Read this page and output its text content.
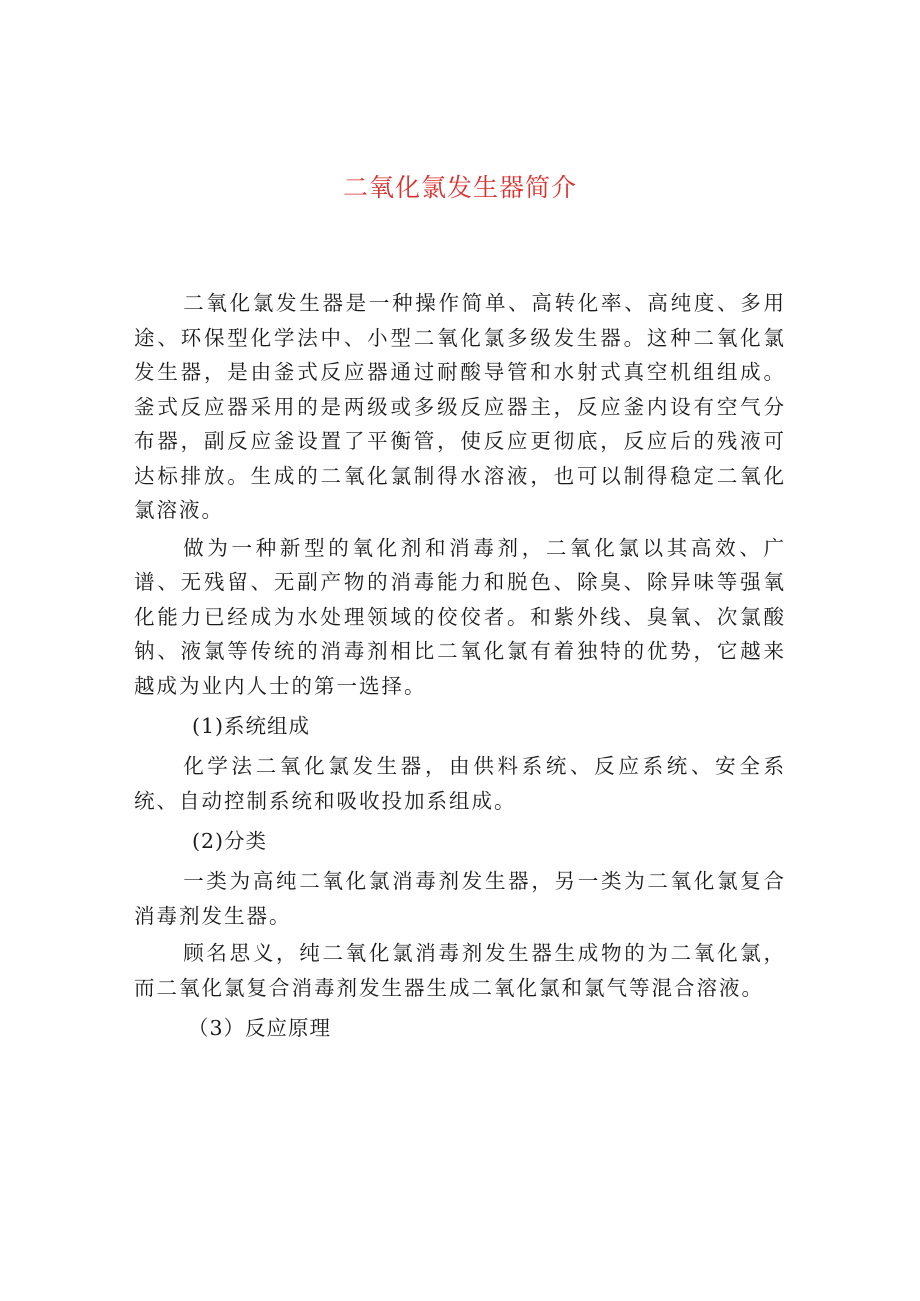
二氧化氯发生器简介

二氧化氯发生器是一种操作简单、高转化率、高纯度、多用途、环保型化学法中、小型二氧化氯多级发生器。这种二氧化氯发生器，是由釜式反应器通过耐酸导管和水射式真空机组组成。釜式反应器采用的是两级或多级反应器主，反应釜内设有空气分布器，副反应釜设置了平衡管，使反应更彻底，反应后的残液可达标排放。生成的二氧化氯制得水溶液，也可以制得稳定二氧化氯溶液。

做为一种新型的氧化剂和消毒剂，二氧化氯以其高效、广谱、无残留、无副产物的消毒能力和脱色、除臭、除异味等强氧化能力已经成为水处理领域的佼佼者。和紫外线、臭氧、次氯酸钠、液氯等传统的消毒剂相比二氧化氯有着独特的优势，它越来越成为业内人士的第一选择。

(1)系统组成

化学法二氧化氯发生器，由供料系统、反应系统、安全系统、自动控制系统和吸收投加系组成。

(2)分类

一类为高纯二氧化氯消毒剂发生器，另一类为二氧化氯复合消毒剂发生器。

顾名思义，纯二氧化氯消毒剂发生器生成物的为二氧化氯，而二氧化氯复合消毒剂发生器生成二氧化氯和氯气等混合溶液。

（3）反应原理
